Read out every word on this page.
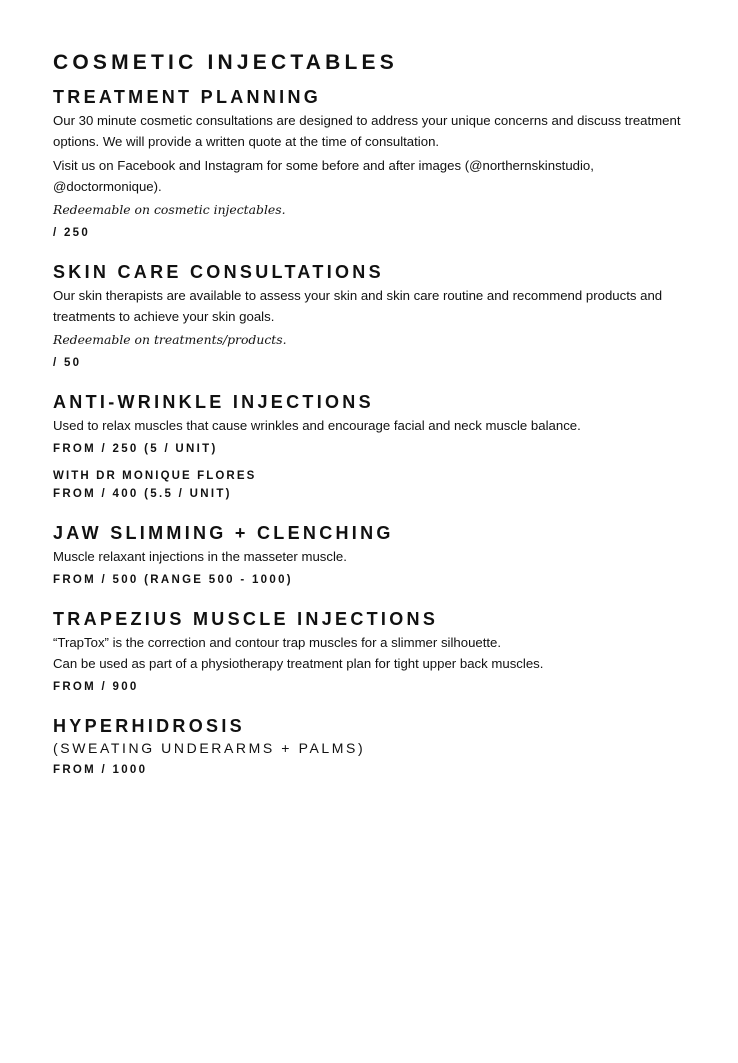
COSMETIC INJECTABLES
TREATMENT PLANNING

Our 30 minute cosmetic consultations are designed to address your unique concerns and discuss treatment options. We will provide a written quote at the time of consultation.

Visit us on Facebook and Instagram for some before and after images (@northernskinstudio, @doctormonique).

Redeemable on cosmetic injectables.
/ 250
SKIN CARE CONSULTATIONS

Our skin therapists are available to assess your skin and skin care routine and recommend products and treatments to achieve your skin goals.

Redeemable on treatments/products.
/ 50
ANTI-WRINKLE INJECTIONS

Used to relax muscles that cause wrinkles and encourage facial and neck muscle balance.

FROM / 250 (5 / UNIT)
WITH DR MONIQUE FLORES
FROM / 400 (5.5 / UNIT)
JAW SLIMMING + CLENCHING

Muscle relaxant injections in the masseter muscle.

FROM / 500 (RANGE 500 - 1000)
TRAPEZIUS MUSCLE INJECTIONS

“TrapTox” is the correction and contour trap muscles for a slimmer silhouette.

Can be used as part of a physiotherapy treatment plan for tight upper back muscles.

FROM / 900
HYPERHIDROSIS
(SWEATING UNDERARMS + PALMS)
FROM / 1000
